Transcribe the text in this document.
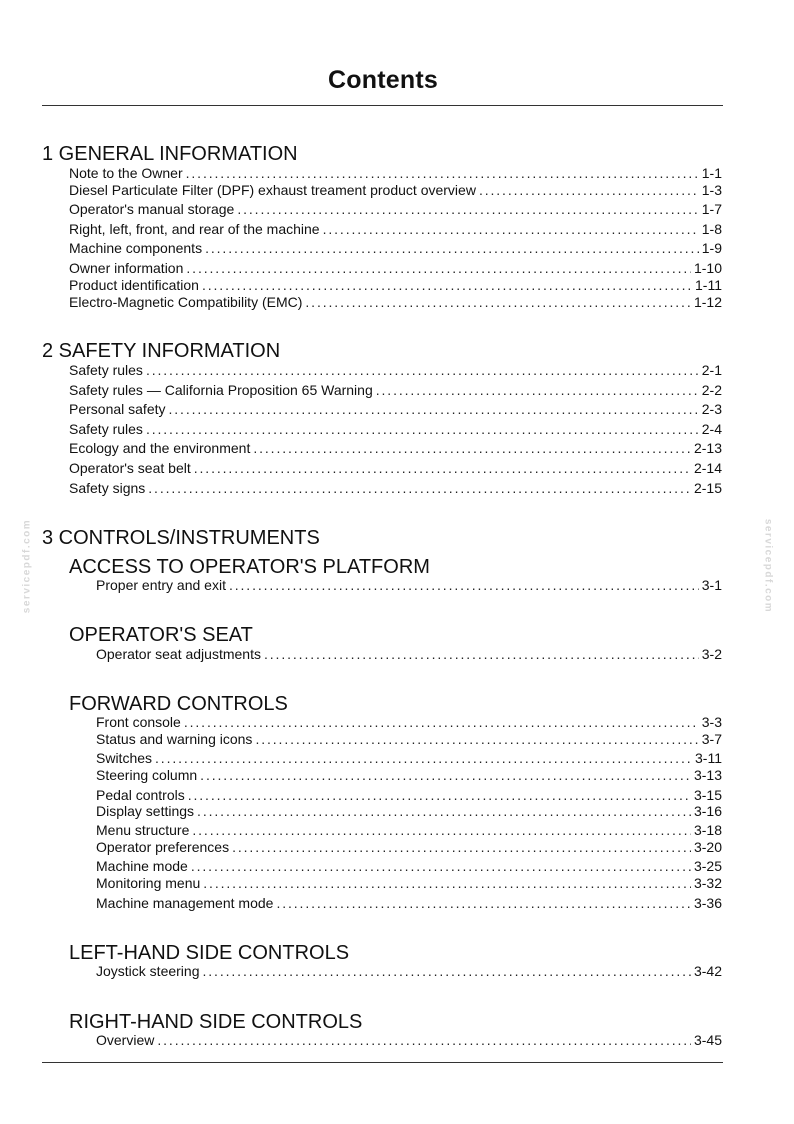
Contents
1 GENERAL INFORMATION
Note to the Owner . . .	1-1
Diesel Particulate Filter (DPF) exhaust treament product overview . . .	1-3
Operator's manual storage . . .	1-7
Right, left, front, and rear of the machine . . .	1-8
Machine components . . .	1-9
Owner information . . .	1-10
Product identification . . .	1-11
Electro-Magnetic Compatibility (EMC) . . .	1-12
2 SAFETY INFORMATION
Safety rules . . .	2-1
Safety rules — California Proposition 65 Warning . . .	2-2
Personal safety . . .	2-3
Safety rules . . .	2-4
Ecology and the environment . . .	2-13
Operator's seat belt . . .	2-14
Safety signs . . .	2-15
3 CONTROLS/INSTRUMENTS
ACCESS TO OPERATOR'S PLATFORM
Proper entry and exit . . .	3-1
OPERATOR'S SEAT
Operator seat adjustments . . .	3-2
FORWARD CONTROLS
Front console . . .	3-3
Status and warning icons . . .	3-7
Switches . . .	3-11
Steering column . . .	3-13
Pedal controls . . .	3-15
Display settings . . .	3-16
Menu structure . . .	3-18
Operator preferences . . .	3-20
Machine mode . . .	3-25
Monitoring menu . . .	3-32
Machine management mode . . .	3-36
LEFT-HAND SIDE CONTROLS
Joystick steering . . .	3-42
RIGHT-HAND SIDE CONTROLS
Overview . . .	3-45
servicepdf.com	servicepdf.com
